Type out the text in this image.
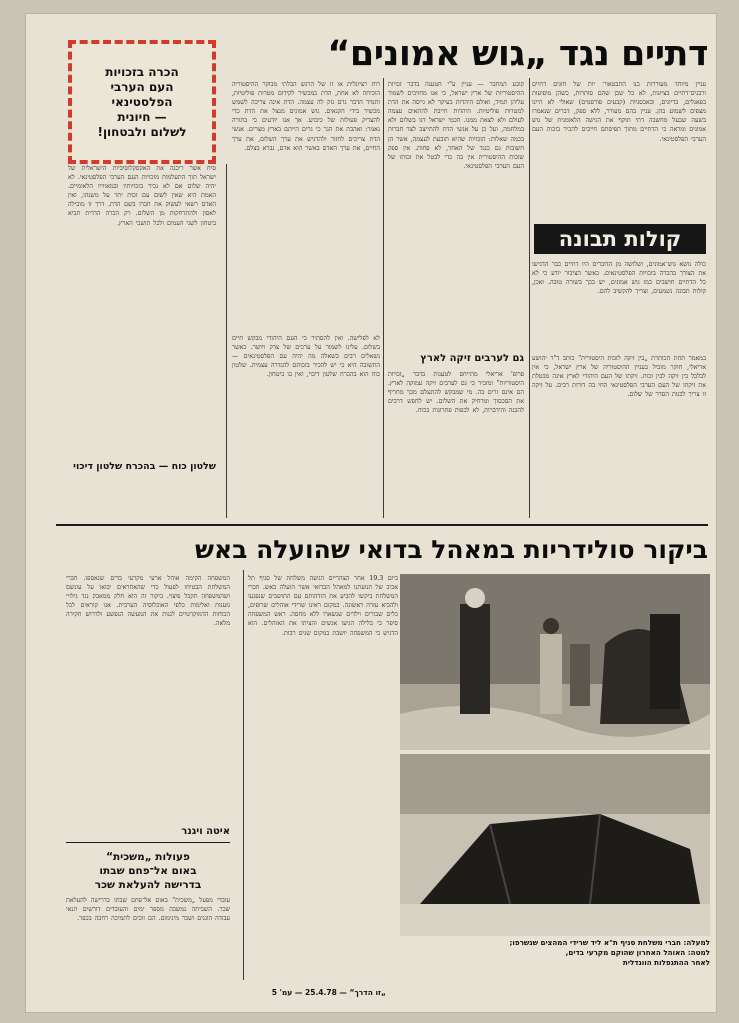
דתיים נגד „גוש אמונים“
הכרה בזכויות
העם הערבי
הפלסטינאי
— חיונית
לשלום ולבטחון!
עניין מיוחד מעוררות בנו התבטאוי־ יות של חוגים דתיים ורבנים־דתיים בציונות, לא כל שכן שהם סותרות, כשהן מופיעות בפאנלים, בדיונים, ובאכסניות (קבעים פורסמים) שאולי לא היינו מצפים לשמוע בהן. עניין בהם מעורר, ללא ספק, דברים שנאמרו בשעה שבעל מחשבה דתי תוקף את הגישה הלאומנית של גוש אמונים ומראה כי הדתיים מתוך תפיסתם חייבים להכיר בזכות העם הערבי הפלסטינאי.
קולות תבונה
כולה נושא גוש־אמונים, ושלושה מן הדוברים היו דתיים כבר הדגישו את הצורך בהכרה בזכויות הפלסטינאים. כאשר הציבור יודע כי לא כל הדתיים חושבים כמו גוש אמונים, יש בכך בשורה טובה. ואכן, קולות תבונה נשמעים, וצריך להקשיב להם.
במאמר תחת הכותרת „בין זיקה לזכות היסטורית“ כותב ד"ר יהושע אריאלי, חוקר מוביל בעניין ההיסטוריה של ארץ ישראל, כי אין לבלבל בין זיקה לבין זכות. זיקתו של העם היהודי לארץ אינה מבטלת את זיקתו של העם הערבי הפלסטינאי החי בה דורות רבים. על זיקה זו צריך לבנות הסדר של שלום.
קובע המחבר — עניין ע"י הטענה בדבר זכויות ההיסטוריות של ארץ ישראל, כי אנו מחויבים לשמור עליהן תמיד, ואולם היהדות בעיקר לא גייסה את הדת למטרות פוליטיות. היהדות חייבת להתאים עצמה לעולם ולא לצאת ממנו. חכמי ישראל דנו בשלום ולא במלחמה, ועל כן על אנשי הדת להתייצב לצד חברות בכמה שאלות: הזכויות שהיא תובעת לעצמה, אשר הן חשובות גם כנגד של האחר, לא פחות. אין ספק שזכות ההיסטורית אין בה כדי לבטל את זכותו של העם הערבי הפלסטינאי.
גם לערבים זיקה לארץ
פרופ' אריאלי מתייחס לטענות בדבר „זכויות היסטוריות“ ומזכיר כי גם לערבים זיקה עמוקה לארץ. הם אינם זרים בה. מי שמבקש להתעלם מכך מחריף את הסכסוך ומרחיק את השלום. יש לחפש דרכים להבנה והידברות, לא לכפות פתרונות בכוח.
רות רציונלית או זו של הרגש הבלתי מבוקר ההיסטוריה הוכיחה לא אחת, הדת כמכשיר לקידום מטרות פוליטיות, ותמיד הדבר גרם נזק לה עצמה. הדת אינה צריכה לשמש מכשיר בידי הקנאים. גוש אמונים מנצל את הדת כדי להצדיק פעולות של כיבוש. אך אנו יודעים כי בתורה נאמר: ואהבת את הגר כי גרים הייתם בארץ מצרים. אנשי הדת צריכים לחזור ולהדגיש את ערך השלום, את ערך החיים, את ערך האדם באשר הוא אדם, נברא בצלם.
לא לפלישה. ואין להסתיר כי העם היהודי מבקש חיים בשלום. עלינו לשמור על ערכים של צדק ויושר. כאשר נשאלים רבים בשאלה מה יהיה עם הפלסטינאים — התשובה היא כי יש להכיר בזכותם להגדרה עצמית. שלטון כוח הוא בהכרח שלטון דיכוי, ואין בו ביטחון.
סיח אשר ריכנה את האקסקלוסיביות הישראלית של ישראל תוך התעלמות מזכויות העם הערבי הפלסטינאי. לא יהיה שלום אם לא נכיר בזכויותיו ובמאווייו הלאומיים. האמת היא שאין לשום עם זכות יתר על משנהו, ואין האדם רשאי לעשוק את חברו בשם הדת. דרך זו מובילה לאסון ולהתרחקות מן השלום. רק הכרה הדדית תביא ביטחון לשני העמים ולכל תושבי הארץ.
שלטון כוח — בהכרח שלטון דיכוי
ביקור סולידריות במאהל בדואי שהועלה באש
למעלה: חברי משלחת סניף ת"א ליד שרידי המהצים שנשרפו;
למטה: האוהל האחרון שהוקם מקרעי בדים,
לאחר ההתנפלות הוונדלית
ביום 19.3 אחר הצהריים הגיעה משלחת של סניף תל אביב של תנועתנו למאהל הבדואי אשר הועלה באש. חברי המשלחת ביקשו להביע את הזדהותם עם התושבים שנפגעו ולהביא עזרה ראשונה. במקום ראינו שרידי אוהלים שרופים, כלים שבורים וילדים שנשארו ללא מחסה. ראש המשפחה סיפר כי בלילה הגיעו אנשים והציתו את האוהלים. הוא הדגיש כי המשפחה יושבת במקום שנים רבות.
המשפחה הקימה אוהל ארעי מקרעי בדים שנאספו. חברי המשלחת הבטיחו לפעול כדי שהאחראים יבואו על עונשם ושהמשפחה תקבל פיצוי. ביקור זה הוא חלק ממאבק נגד גילויי גזענות ואלימות כלפי האוכלוסיה הערבית. אנו קוראים לכל הכוחות הדמוקרטיים לגנות את המעשה הנפשע ולדרוש חקירה מלאה.
איטה ויגנר
פעולות „משכית“
באום אל־פחם שבתו
בדרישה להעלאת שכר
עובדי מפעל „משכית“ באום אל־פחם שבתו בדרישה להעלאת שכר. השביתה נמשכה מספר ימים והעובדים דורשים תנאי עבודה הוגנים ושכר מינימום. הם זוכים לתמיכה רחבה בכפר.
„זו הדרך“ — 25.4.78 — עמ' 5
